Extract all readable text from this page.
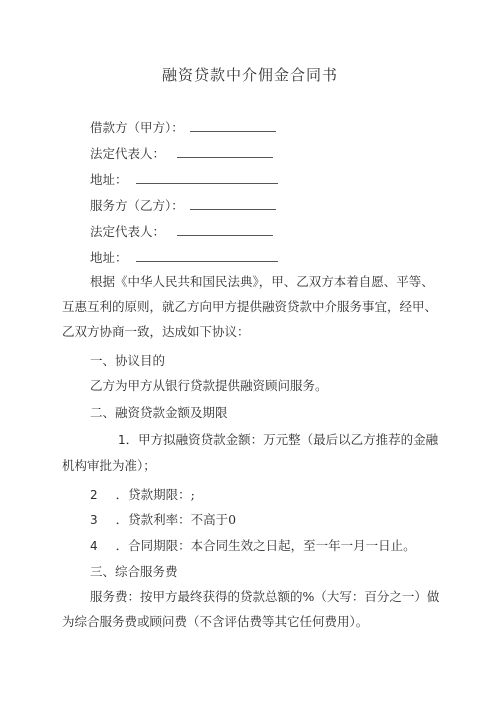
融资贷款中介佣金合同书
借款方（甲方）：
法定代表人：
地址：
服务方（乙方）：
法定代表人：
地址：
根据《中华人民共和国民法典》，甲、乙双方本着自愿、平等、互惠互利的原则，就乙方向甲方提供融资贷款中介服务事宜，经甲、乙双方协商一致，达成如下协议：
一、协议目的
乙方为甲方从银行贷款提供融资顾问服务。
二、融资贷款金额及期限
1．甲方拟融资贷款金额：万元整（最后以乙方推荐的金融机构审批为准）；
2 ．贷款期限：;
3 ．贷款利率：不高于0
4 ．合同期限：本合同生效之日起，至一年一月一日止。
三、综合服务费
服务费：按甲方最终获得的贷款总额的%（大写：百分之一）做为综合服务费或顾问费（不含评估费等其它任何费用）。
